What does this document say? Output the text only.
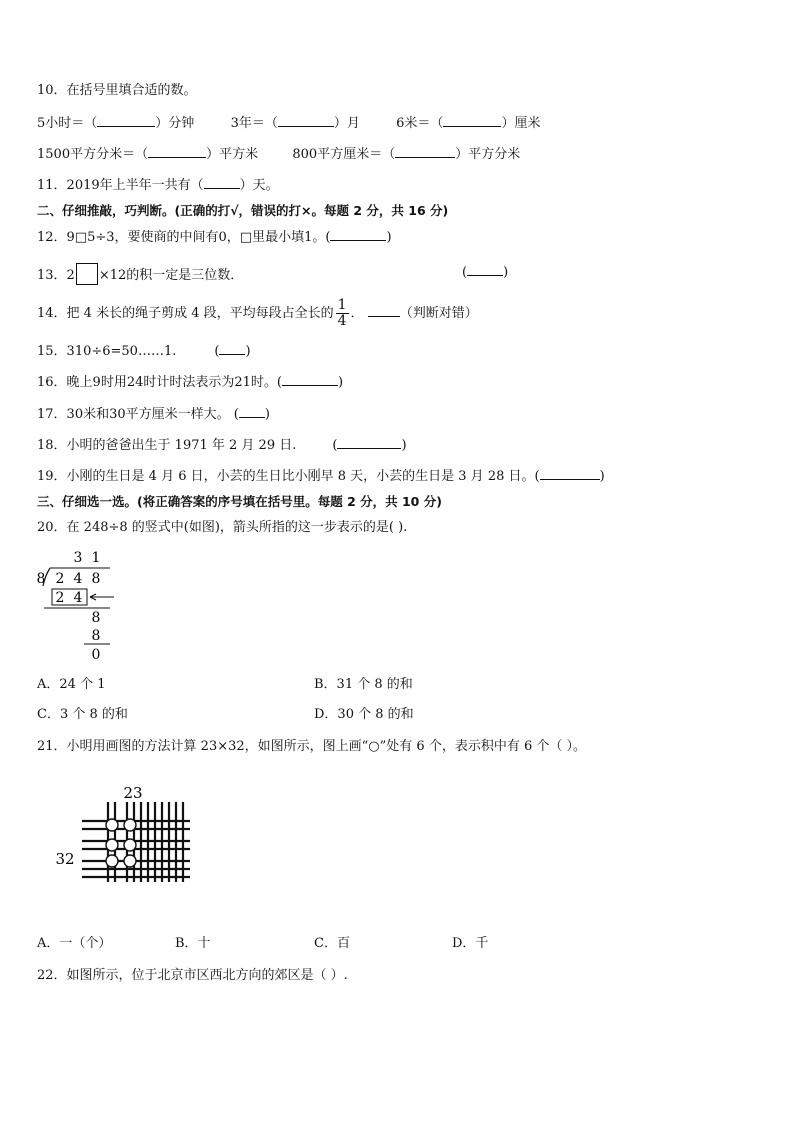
10．在括号里填合适的数。
5小时＝（	）分钟	3年＝（	）月	6米＝（	）厘米
1500平方分米＝（	）平方米	800平方厘米＝（	）平方分米
11．2019年上半年一共有（	）天。
二、仔细推敲，巧判断。(正确的打√，错误的打×。每题 2 分，共 16 分)
12．9□5÷3，要使商的中间有0，□里最小填1。(	)
13．2 ×12的积一定是三位数．	(	)
14．把 4 米长的绳子剪成 4 段，平均每段占全长的 $\frac{1}{4}$ ．	（判断对错）
15．310÷6=50……1.	( )
16．晚上9时用24时计时法表示为21时。(	)
17．30米和30平方厘米一样大。 ( )
18．小明的爸爸出生于 1971 年 2 月 29 日.	(	)
19．小刚的生日是 4 月 6 日，小芸的生日比小刚早 8 天，小芸的生日是 3 月 28 日。(	)
三、仔细选一选。(将正确答案的序号填在括号里。每题 2 分，共 10 分)
20．在 248÷8 的竖式中(如图)，箭头所指的这一步表示的是( ).
3 1
8 2 4 8
2 4
8
8
0
A．24 个 1	B．31 个 8 的和
C．3 个 8 的和	D．30 个 8 的和
21．小明用画图的方法计算 23×32，如图所示，图上画“○”处有 6 个，表示积中有 6 个（ ）。
23
32
A．一（个）	B．十	C．百	D．千
22．如图所示，位于北京市区西北方向的郊区是（ ）.
